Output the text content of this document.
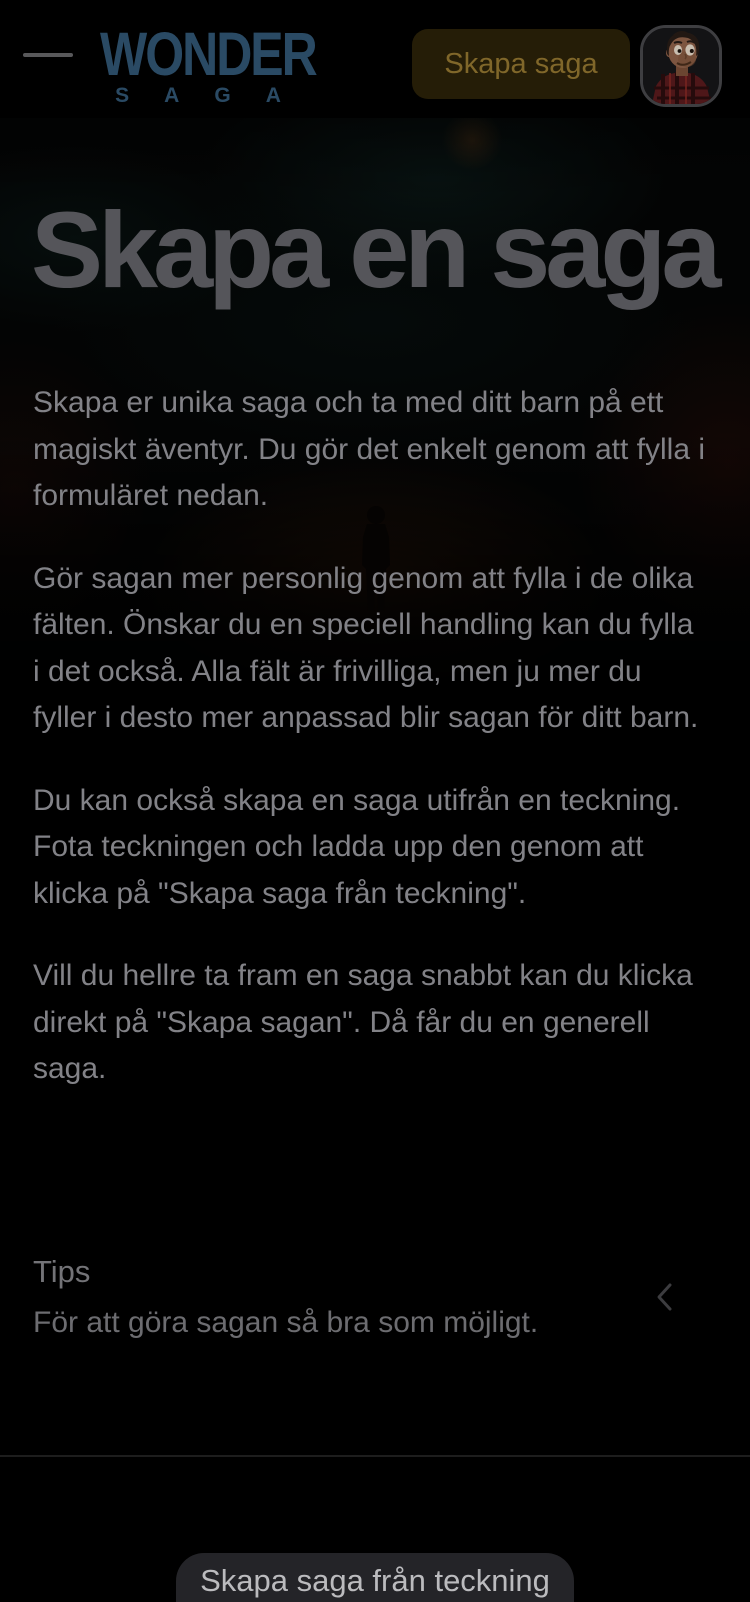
WONDER
S A G A
Skapa saga
Skapa en saga

Skapa er unika saga och ta med ditt barn på ett magiskt äventyr. Du gör det enkelt genom att fylla i formuläret nedan.

Gör sagan mer personlig genom att fylla i de olika fälten. Önskar du en speciell handling kan du fylla i det också. Alla fält är frivilliga, men ju mer du fyller i desto mer anpassad blir sagan för ditt barn.

Du kan också skapa en saga utifrån en teckning. Fota teckningen och ladda upp den genom att klicka på "Skapa saga från teckning".

Vill du hellre ta fram en saga snabbt kan du klicka direkt på "Skapa sagan". Då får du en generell saga.

Tips

För att göra sagan så bra som möjligt.

Skapa saga från teckning
